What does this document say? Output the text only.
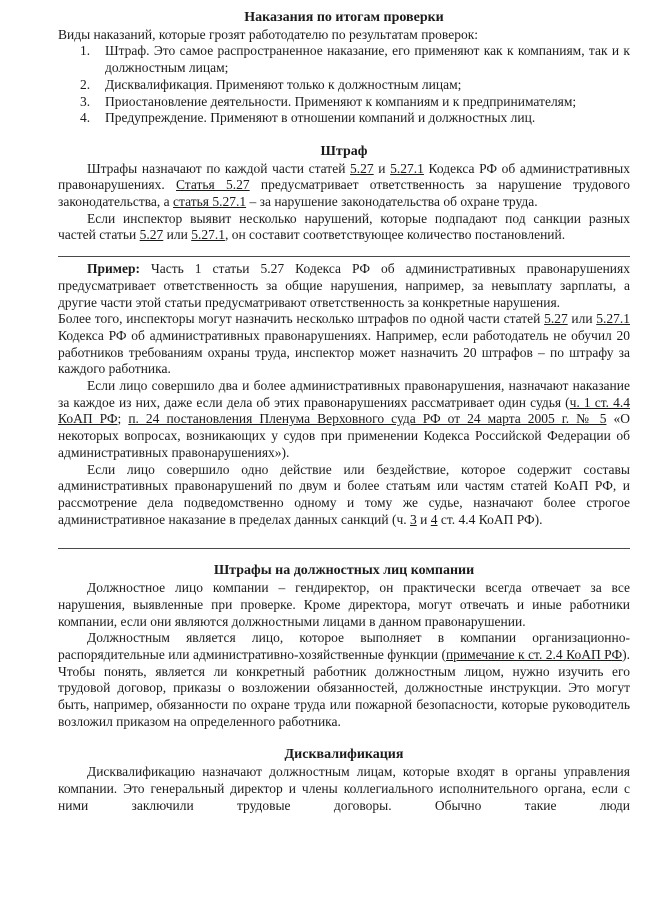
Наказания по итогам проверки

Виды наказаний, которые грозят работодателю по результатам проверок:

Штраф. Это самое распространенное наказание, его применяют как к компаниям, так и к должностным лицам;
Дисквалификация. Применяют только к должностным лицам;
Приостановление деятельности. Применяют к компаниям и к предпринимателям;
Предупреждение. Применяют в отношении компаний и должностных лиц.
Штраф

Штрафы назначают по каждой части статей 5.27 и 5.27.1 Кодекса РФ об административных правонарушениях. Статья 5.27 предусматривает ответственность за нарушение трудового законодательства, а статья 5.27.1 – за нарушение законодательства об охране труда.

Если инспектор выявит несколько нарушений, которые подпадают под санкции разных частей статьи 5.27 или 5.27.1, он составит соответствующее количество постановлений.

Пример: Часть 1 статьи 5.27 Кодекса РФ об административных правонарушениях предусматривает ответственность за общие нарушения, например, за невыплату зарплаты, а другие части этой статьи предусматривают ответственность за конкретные нарушения.

Более того, инспекторы могут назначить несколько штрафов по одной части статей 5.27 или 5.27.1 Кодекса РФ об административных правонарушениях. Например, если работодатель не обучил 20 работников требованиям охраны труда, инспектор может назначить 20 штрафов – по штрафу за каждого работника.

Если лицо совершило два и более административных правонарушения, назначают наказание за каждое из них, даже если дела об этих правонарушениях рассматривает один судья (ч. 1 ст. 4.4 КоАП РФ; п. 24 постановления Пленума Верховного суда РФ от 24 марта 2005 г. № 5 «О некоторых вопросах, возникающих у судов при применении Кодекса Российской Федерации об административных правонарушениях»).

Если лицо совершило одно действие или бездействие, которое содержит составы административных правонарушений по двум и более статьям или частям статей КоАП РФ, и рассмотрение дела подведомственно одному и тому же судье, назначают более строгое административное наказание в пределах данных санкций (ч. 3 и 4 ст. 4.4 КоАП РФ).

Штрафы на должностных лиц компании

Должностное лицо компании – гендиректор, он практически всегда отвечает за все нарушения, выявленные при проверке. Кроме директора, могут отвечать и иные работники компании, если они являются должностными лицами в данном правонарушении.

Должностным является лицо, которое выполняет в компании организационно-распорядительные или административно-хозяйственные функции (примечание к ст. 2.4 КоАП РФ). Чтобы понять, является ли конкретный работник должностным лицом, нужно изучить его трудовой договор, приказы о возложении обязанностей, должностные инструкции. Это могут быть, например, обязанности по охране труда или пожарной безопасности, которые руководитель возложил приказом на определенного работника.

Дисквалификация

Дисквалификацию назначают должностным лицам, которые входят в органы управления компании. Это генеральный директор и члены коллегиального исполнительного органа, если с ними заключили трудовые договоры. Обычно такие люди
